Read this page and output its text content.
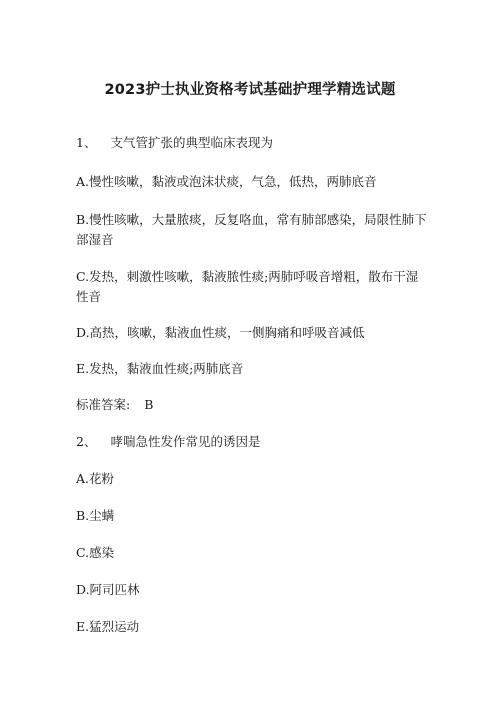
2023护士执业资格考试基础护理学精选试题
1、 支气管扩张的典型临床表现为
A.慢性咳嗽，黏液或泡沫状痰，气急，低热，两肺底音
B.慢性咳嗽，大量脓痰，反复咯血，常有肺部感染，局限性肺下
部湿音
C.发热，刺激性咳嗽，黏液脓性痰;两肺呼吸音增粗，散布干湿
性音
D.高热，咳嗽，黏液血性痰，一侧胸痛和呼吸音减低
E.发热，黏液血性痰;两肺底音
标准答案: B
2、 哮喘急性发作常见的诱因是
A.花粉
B.尘螨
C.感染
D.阿司匹林
E.猛烈运动
